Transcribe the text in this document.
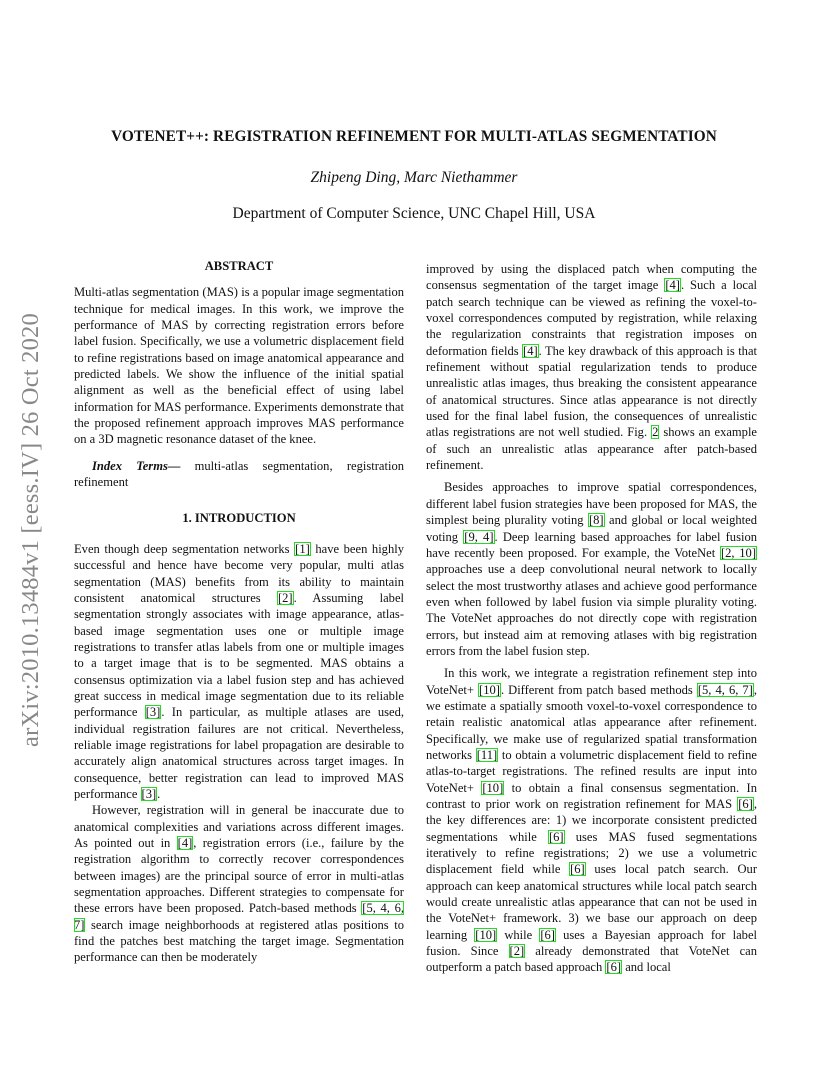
arXiv:2010.13484v1 [eess.IV] 26 Oct 2020
VOTENET++: REGISTRATION REFINEMENT FOR MULTI-ATLAS SEGMENTATION
Zhipeng Ding, Marc Niethammer
Department of Computer Science, UNC Chapel Hill, USA
ABSTRACT

Multi-atlas segmentation (MAS) is a popular image segmentation technique for medical images. In this work, we improve the performance of MAS by correcting registration errors before label fusion. Specifically, we use a volumetric displacement field to refine registrations based on image anatomical appearance and predicted labels. We show the influence of the initial spatial alignment as well as the beneficial effect of using label information for MAS performance. Experiments demonstrate that the proposed refinement approach improves MAS performance on a 3D magnetic resonance dataset of the knee.

Index Terms— multi-atlas segmentation, registration refinement

1. INTRODUCTION

Even though deep segmentation networks [1] have been highly successful and hence have become very popular, multi atlas segmentation (MAS) benefits from its ability to maintain consistent anatomical structures [2]. Assuming label segmentation strongly associates with image appearance, atlas-based image segmentation uses one or multiple image registrations to transfer atlas labels from one or multiple images to a target image that is to be segmented. MAS obtains a consensus optimization via a label fusion step and has achieved great success in medical image segmentation due to its reliable performance [3]. In particular, as multiple atlases are used, individual registration failures are not critical. Nevertheless, reliable image registrations for label propagation are desirable to accurately align anatomical structures across target images. In consequence, better registration can lead to improved MAS performance [3].

However, registration will in general be inaccurate due to anatomical complexities and variations across different images. As pointed out in [4], registration errors (i.e., failure by the registration algorithm to correctly recover correspondences between images) are the principal source of error in multi-atlas segmentation approaches. Different strategies to compensate for these errors have been proposed. Patch-based methods [5, 4, 6, 7] search image neighborhoods at registered atlas positions to find the patches best matching the target image. Segmentation performance can then be moderately

improved by using the displaced patch when computing the consensus segmentation of the target image [4]. Such a local patch search technique can be viewed as refining the voxel-to-voxel correspondences computed by registration, while relaxing the regularization constraints that registration imposes on deformation fields [4]. The key drawback of this approach is that refinement without spatial regularization tends to produce unrealistic atlas images, thus breaking the consistent appearance of anatomical structures. Since atlas appearance is not directly used for the final label fusion, the consequences of unrealistic atlas registrations are not well studied. Fig. 2 shows an example of such an unrealistic atlas appearance after patch-based refinement.

Besides approaches to improve spatial correspondences, different label fusion strategies have been proposed for MAS, the simplest being plurality voting [8] and global or local weighted voting [9, 4]. Deep learning based approaches for label fusion have recently been proposed. For example, the VoteNet [2, 10] approaches use a deep convolutional neural network to locally select the most trustworthy atlases and achieve good performance even when followed by label fusion via simple plurality voting. The VoteNet approaches do not directly cope with registration errors, but instead aim at removing atlases with big registration errors from the label fusion step.

In this work, we integrate a registration refinement step into VoteNet+ [10]. Different from patch based methods [5, 4, 6, 7], we estimate a spatially smooth voxel-to-voxel correspondence to retain realistic anatomical atlas appearance after refinement. Specifically, we make use of regularized spatial transformation networks [11] to obtain a volumetric displacement field to refine atlas-to-target registrations. The refined results are input into VoteNet+ [10] to obtain a final consensus segmentation. In contrast to prior work on registration refinement for MAS [6], the key differences are: 1) we incorporate consistent predicted segmentations while [6] uses MAS fused segmentations iteratively to refine registrations; 2) we use a volumetric displacement field while [6] uses local patch search. Our approach can keep anatomical structures while local patch search would create unrealistic atlas appearance that can not be used in the VoteNet+ framework. 3) we base our approach on deep learning [10] while [6] uses a Bayesian approach for label fusion. Since [2] already demonstrated that VoteNet can outperform a patch based approach [6] and local
